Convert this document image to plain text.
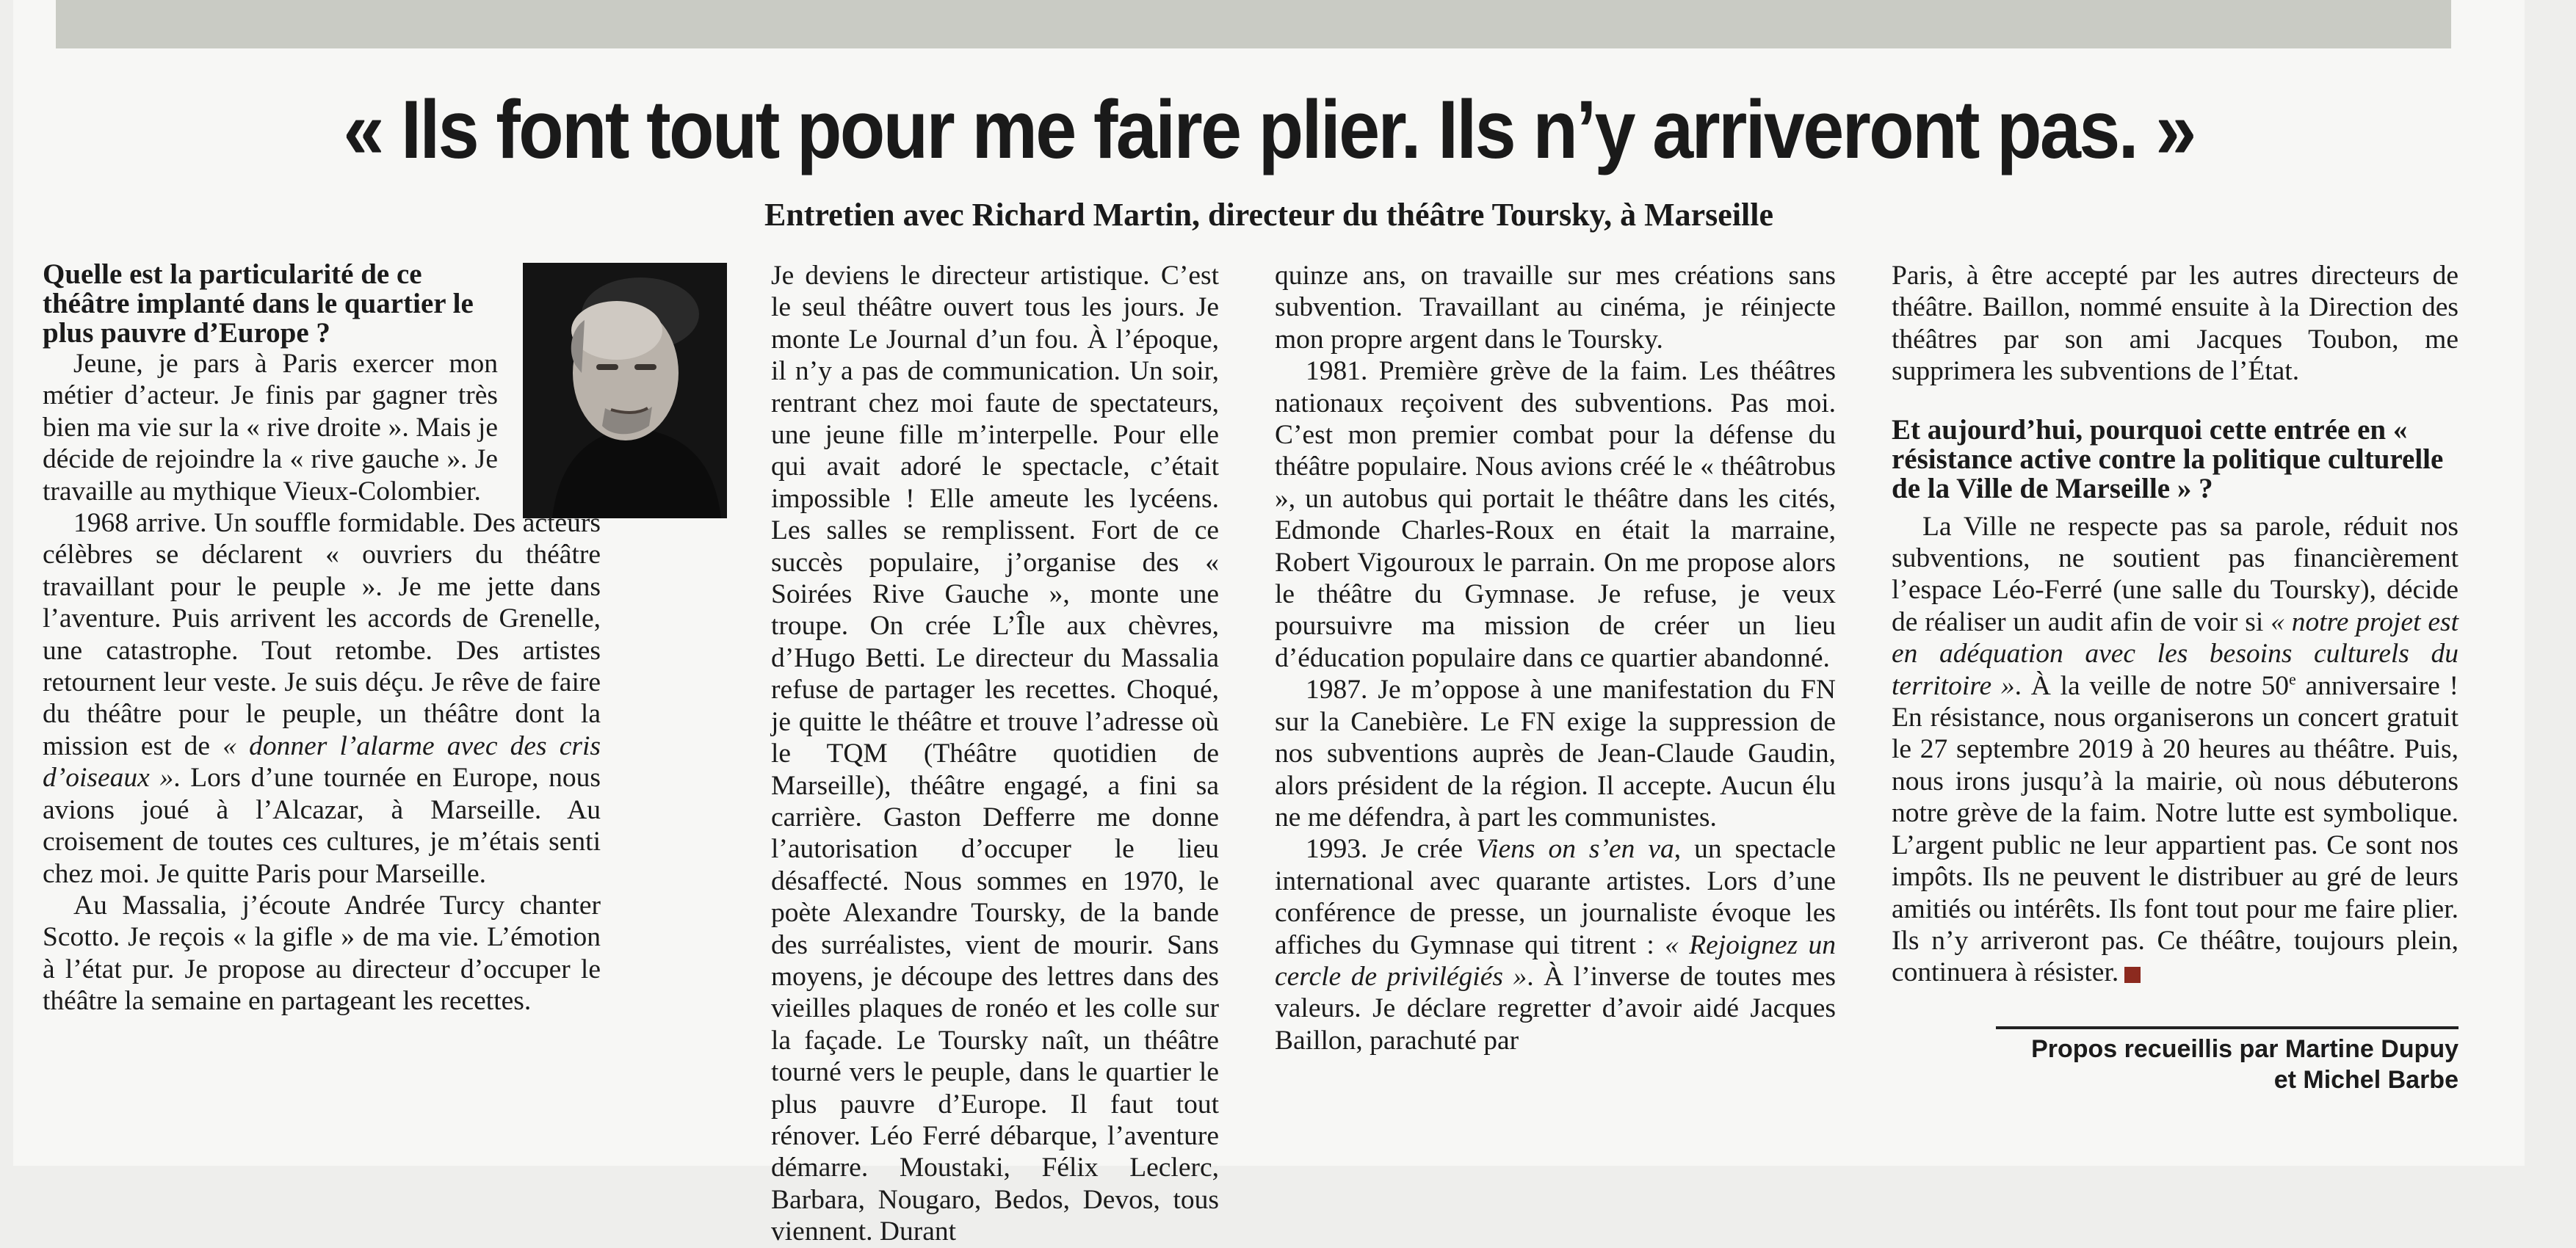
« Ils font tout pour me faire plier. Ils n’y arriveront pas. »
Entretien avec Richard Martin, directeur du théâtre Toursky, à Marseille
Quelle est la particularité de ce théâtre implanté dans le quartier le plus pauvre d’Europe ?

Jeune, je pars à Paris exercer mon métier d’acteur. Je finis par gagner très bien ma vie sur la « rive droite ». Mais je décide de rejoindre la « rive gauche ». Je travaille au mythique Vieux-Colombier.

1968 arrive. Un souffle formidable. Des acteurs célèbres se déclarent « ouvriers du théâtre travaillant pour le peuple ». Je me jette dans l’aventure. Puis arrivent les accords de Grenelle, une catastrophe. Tout retombe. Des artistes retournent leur veste. Je suis déçu. Je rêve de faire du théâtre pour le peuple, un théâtre dont la mission est de « donner l’alarme avec des cris d’oiseaux ». Lors d’une tournée en Europe, nous avions joué à l’Alcazar, à Marseille. Au croisement de toutes ces cultures, je m’étais senti chez moi. Je quitte Paris pour Marseille.

Au Massalia, j’écoute Andrée Turcy chanter Scotto. Je reçois « la gifle » de ma vie. L’émotion à l’état pur. Je propose au directeur d’occuper le théâtre la semaine en partageant les recettes.

Je deviens le directeur artistique. C’est le seul théâtre ouvert tous les jours. Je monte Le Journal d’un fou. À l’époque, il n’y a pas de communication. Un soir, rentrant chez moi faute de spectateurs, une jeune fille m’interpelle. Pour elle qui avait adoré le spectacle, c’était impossible ! Elle ameute les lycéens. Les salles se remplissent. Fort de ce succès populaire, j’organise des « Soirées Rive Gauche », monte une troupe. On crée L’Île aux chèvres, d’Hugo Betti. Le directeur du Massalia refuse de partager les recettes. Choqué, je quitte le théâtre et trouve l’adresse où le TQM (Théâtre quotidien de Marseille), théâtre engagé, a fini sa carrière. Gaston Defferre me donne l’autorisation d’occuper le lieu désaffecté. Nous sommes en 1970, le poète Alexandre Toursky, de la bande des surréalistes, vient de mourir. Sans moyens, je découpe des lettres dans des vieilles plaques de ronéo et les colle sur la façade. Le Toursky naît, un théâtre tourné vers le peuple, dans le quartier le plus pauvre d’Europe. Il faut tout rénover. Léo Ferré débarque, l’aventure démarre. Moustaki, Félix Leclerc, Barbara, Nougaro, Bedos, Devos, tous viennent. Durant

quinze ans, on travaille sur mes créations sans subvention. Travaillant au cinéma, je réinjecte mon propre argent dans le Toursky.

1981. Première grève de la faim. Les théâtres nationaux reçoivent des subventions. Pas moi. C’est mon premier combat pour la défense du théâtre populaire. Nous avions créé le « théâtrobus », un autobus qui portait le théâtre dans les cités, Edmonde Charles-Roux en était la marraine, Robert Vigouroux le parrain. On me propose alors le théâtre du Gymnase. Je refuse, je veux poursuivre ma mission de créer un lieu d’éducation populaire dans ce quartier abandonné.

1987. Je m’oppose à une manifestation du FN sur la Canebière. Le FN exige la suppression de nos subventions auprès de Jean-Claude Gaudin, alors président de la région. Il accepte. Aucun élu ne me défendra, à part les communistes.

1993. Je crée Viens on s’en va, un spectacle international avec quarante artistes. Lors d’une conférence de presse, un journaliste évoque les affiches du Gymnase qui titrent : « Rejoignez un cercle de privilégiés ». À l’inverse de toutes mes valeurs. Je déclare regretter d’avoir aidé Jacques Baillon, parachuté par

Paris, à être accepté par les autres directeurs de théâtre. Baillon, nommé ensuite à la Direction des théâtres par son ami Jacques Toubon, me supprimera les subventions de l’État.

Et aujourd’hui, pourquoi cette entrée en « résistance active contre la politique culturelle de la Ville de Marseille » ?

La Ville ne respecte pas sa parole, réduit nos subventions, ne soutient pas financièrement l’espace Léo-Ferré (une salle du Toursky), décide de réaliser un audit afin de voir si « notre projet est en adéquation avec les besoins culturels du territoire ». À la veille de notre 50e anniversaire ! En résistance, nous organiserons un concert gratuit le 27 septembre 2019 à 20 heures au théâtre. Puis, nous irons jusqu’à la mairie, où nous débuterons notre grève de la faim. Notre lutte est symbolique. L’argent public ne leur appartient pas. Ce sont nos impôts. Ils ne peuvent le distribuer au gré de leurs amitiés ou intérêts. Ils font tout pour me faire plier. Ils n’y arriveront pas. Ce théâtre, toujours plein, continuera à résister.

Propos recueillis par Martine Dupuy
et Michel Barbe
